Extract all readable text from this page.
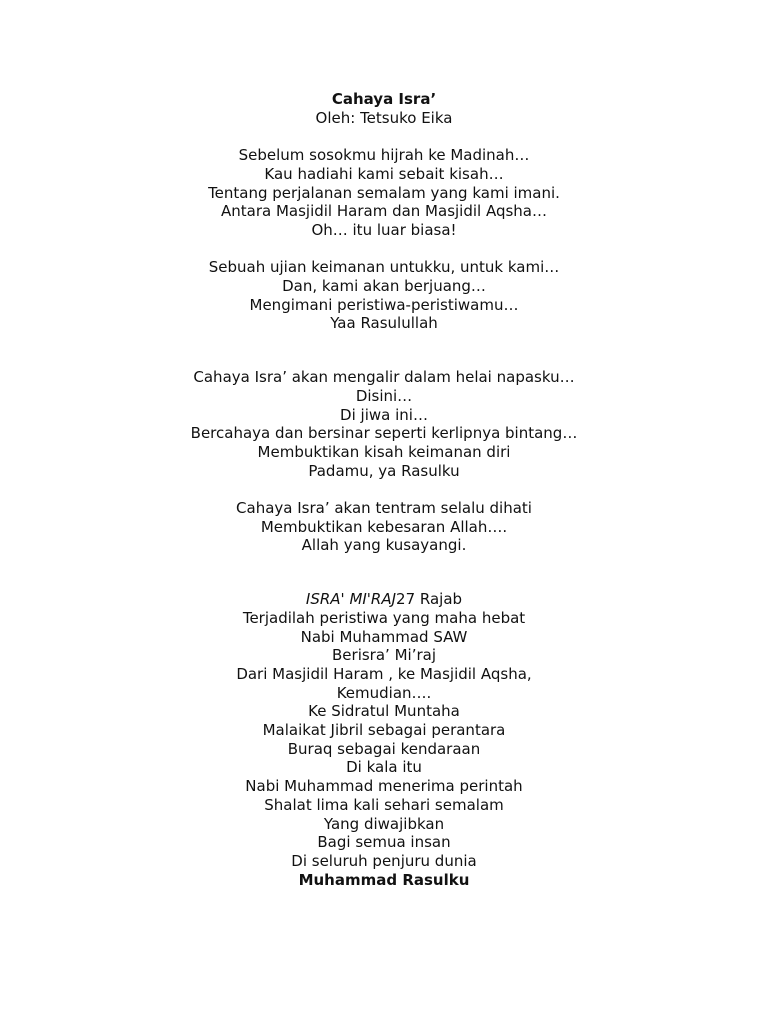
Cahaya Isra’
Oleh: Tetsuko Eika
Sebelum sosokmu hijrah ke Madinah…
Kau hadiahi kami sebait kisah…
Tentang perjalanan semalam yang kami imani.
Antara Masjidil Haram dan Masjidil Aqsha…
Oh… itu luar biasa!
Sebuah ujian keimanan untukku, untuk kami…
Dan, kami akan berjuang…
Mengimani peristiwa-peristiwamu…
Yaa Rasulullah
Cahaya Isra’ akan mengalir dalam helai napasku…
Disini…
Di jiwa ini…
Bercahaya dan bersinar seperti kerlipnya bintang…
Membuktikan kisah keimanan diri
Padamu, ya Rasulku
Cahaya Isra’ akan tentram selalu dihati
Membuktikan kebesaran Allah….
Allah yang kusayangi.
ISRA' MI'RAJ27 Rajab
Terjadilah peristiwa yang maha hebat
Nabi Muhammad SAW
Berisra’ Mi’raj
Dari Masjidil Haram , ke Masjidil Aqsha,
Kemudian….
Ke Sidratul Muntaha
Malaikat Jibril sebagai perantara
Buraq sebagai kendaraan
Di kala itu
Nabi Muhammad menerima perintah
Shalat lima kali sehari semalam
Yang diwajibkan
Bagi semua insan
Di seluruh penjuru dunia
Muhammad Rasulku
